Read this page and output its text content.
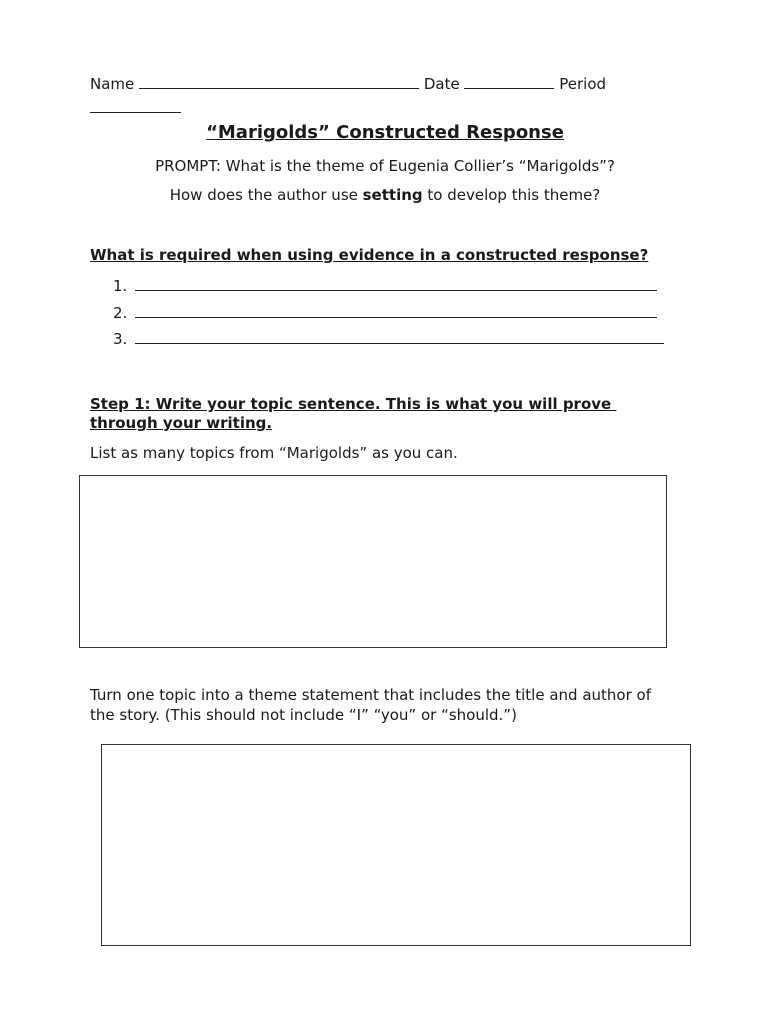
Name	Date	Period
“Marigolds” Constructed Response
PROMPT: What is the theme of Eugenia Collier’s “Marigolds”?
How does the author use setting to develop this theme?
What is required when using evidence in a constructed response?
1.
2.
3.
Step 1: Write your topic sentence. This is what you will prove
through your writing.
List as many topics from “Marigolds” as you can.
Turn one topic into a theme statement that includes the title and author of
the story. (This should not include “I” “you” or “should.”)
